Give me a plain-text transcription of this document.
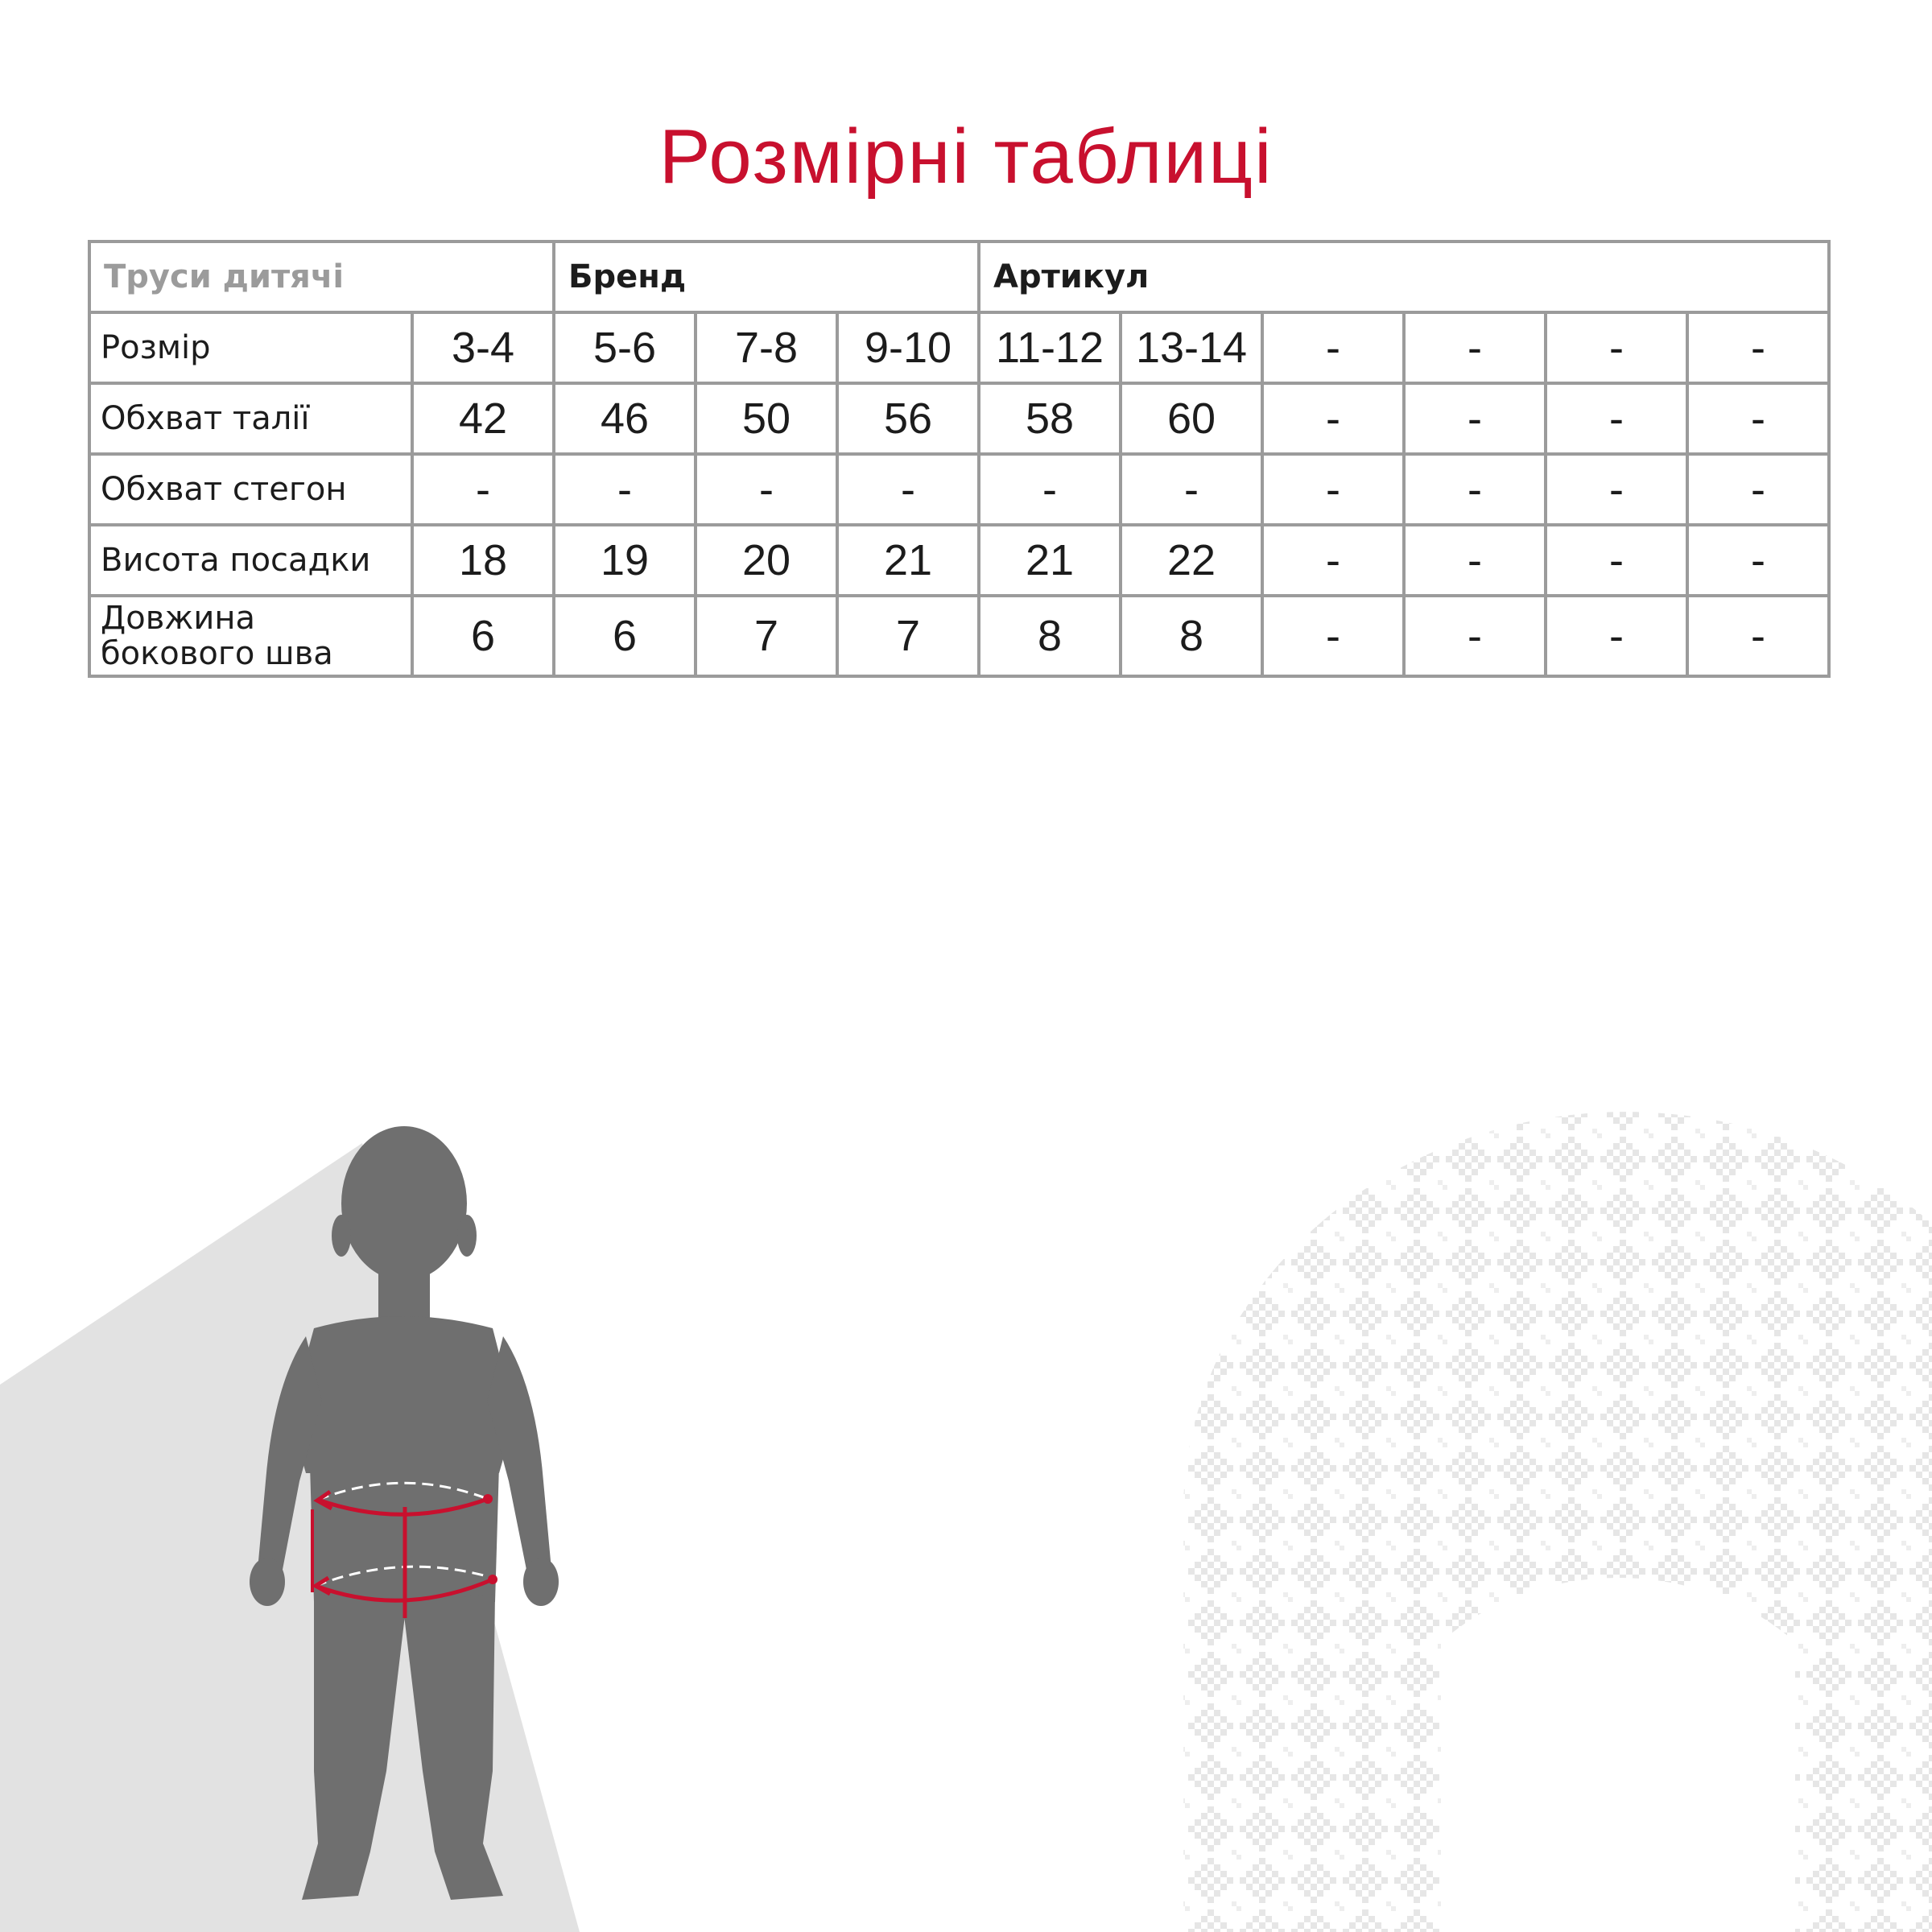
Розмірні таблиці
Труси дитячі		Бренд			Артикул					
Розмір	3-4	5-6	7-8	9-10	11-12	13-14	-	-	-	-
Обхват талії	42	46	50	56	58	60	-	-	-	-
Обхват стегон	-	-	-	-	-	-	-	-	-	-
Висота посадки	18	19	20	21	21	22	-	-	-	-
Довжина бокового шва	6	6	7	7	8	8	-	-	-	-
